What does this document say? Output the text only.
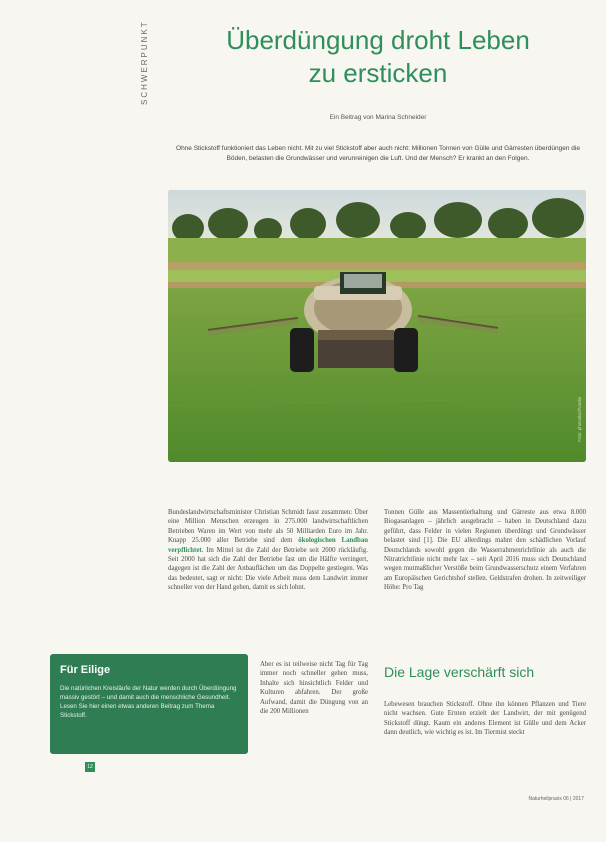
SCHWERPUNKT	Überdüngung droht Leben
zu ersticken
Ein Beitrag von Marina Schneider
Ohne Stickstoff funktioniert das Leben nicht. Mit zu viel Stickstoff aber auch nicht: Millionen Tonnen von Gülle und Gärresten überdüngen die Böden, belasten die Grundwässer und verunreinigen die Luft. Und der Mensch? Er krankt an den Folgen.
Foto: photodoc/Fotolia

Bundeslandwirtschaftsminister Christian Schmidt fasst zusammen: Über eine Million Menschen erzeugen in 275.000 landwirtschaftlichen Betrieben Waren im Wert von mehr als 50 Milliarden Euro im Jahr. Knapp 25.000 aller Betriebe sind dem ökologischen Landbau verpflichtet. Im Mittel ist die Zahl der Betriebe seit 2000 rückläufig. Seit 2000 hat sich die Zahl der Betriebe fast um die Hälfte verringert, dagegen ist die Zahl der Anbauflächen um das Doppelte gestiegen. Was das bedeutet, sagt er nicht: Die viele Arbeit muss dem Landwirt immer schneller von der Hand gehen, damit es sich lohnt.

Aber es ist teilweise nicht Tag für Tag immer noch schneller gehen muss, Inhalte sich hinsichtlich Felder und Kulturen abfahren. Der große Aufwand, damit die Düngung von an die 200 Millionen

Tonnen Gülle aus Massentierhaltung und Gärreste aus etwa 8.000 Biogasanlagen – jährlich ausgebracht – haben in Deutschland dazu geführt, dass Felder in vielen Regionen überdüngt und Grundwässer belastet sind [1]. Die EU allerdings mahnt den schädlichen Vorlauf Deutschlands sowohl gegen die Wasserrahmenrichtlinie als auch die Nitratrichtlinie nicht mehr lax – seit April 2016 muss sich Deutschland wegen mutmaßlicher Verstöße beim Grundwasserschutz einem Verfahren am Europäischen Gerichtshof stellen. Geldstrafen drohen. In zeitweiliger Höhe: Pro Tag

Die Lage verschärft sich

Lebewesen brauchen Stickstoff. Ohne ihn können Pflanzen und Tiere nicht wachsen. Gute Ernten erzielt der Landwirt, der mit genügend Stickstoff düngt. Kaum ein anderes Element ist Gülle und dem Acker dann deutlich, wie wichtig es ist. Im Tiermist steckt

Für Eilige

Die natürlichen Kreisläufe der Natur werden durch Überdüngung massiv gestört – und damit auch die menschliche Gesundheit. Lesen Sie hier einen etwas anderen Beitrag zum Thema Stickstoff.

12
Naturheilpraxis 06 | 2017
